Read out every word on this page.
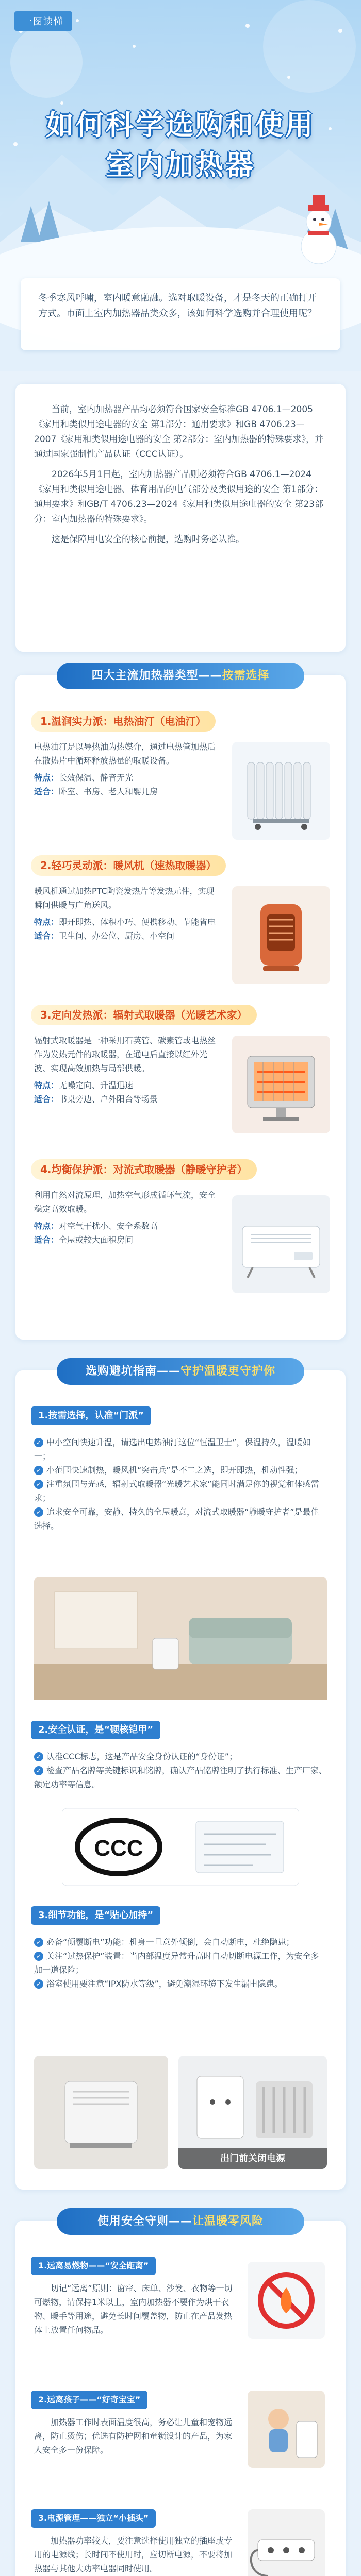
一图读懂
如何科学选购和使用
室内加热器

冬季寒风呼啸，室内暖意融融。选对取暖设备，才是冬天的正确打开方式。市面上室内加热器品类众多，该如何科学选购并合理使用呢？

当前，室内加热器产品均必须符合国家安全标准GB 4706.1—2005《家用和类似用途电器的安全 第1部分：通用要求》和GB 4706.23—2007《家用和类似用途电器的安全 第2部分：室内加热器的特殊要求》，并通过国家强制性产品认证（CCC认证）。

2026年5月1日起，室内加热器产品则必须符合GB 4706.1—2024《家用和类似用途电器、体育用品的电气部分及类似用途的安全 第1部分：通用要求》和GB/T 4706.23—2024《家用和类似用途电器的安全 第23部分：室内加热器的特殊要求》。

这是保障用电安全的核心前提，选购时务必认准。

四大主流加热器类型——按需选择
1.温润实力派：电热油汀（电油汀）
电热油汀是以导热油为热媒介，通过电热管加热后在散热片中循环释放热量的取暖设备。
特点：长效保温、静音无光
适合：卧室、书房、老人和婴儿房
2.轻巧灵动派：暖风机（速热取暖器）
暖风机通过加热PTC陶瓷发热片等发热元件，实现瞬间供暖与广角送风。
特点：即开即热、体积小巧、便携移动、节能省电
适合：卫生间、办公位、厨房、小空间
3.定向发热派：辐射式取暖器（光暖艺术家）
辐射式取暖器是一种采用石英管、碳素管或电热丝作为发热元件的取暖器，在通电后直接以红外光波、实现高效加热与局部供暖。
特点：无噪定向、升温迅速
适合：书桌旁边、户外阳台等场景
4.均衡保护派：对流式取暖器（静暖守护者）
利用自然对流原理，加热空气形成循环气流，安全稳定高效取暖。
特点：对空气干扰小、安全系数高
适合：全屋或较大面积房间
选购避坑指南——守护温暖更守护你
1.按需选择，认准“门派”
✓ 中小空间快速升温，请选出电热油汀这位“恒温卫士”，保温持久，温暖如一；
✓ 小范围快速制热，暖风机“突击兵”是不二之选，即开即热，机动性强；
✓ 注重氛围与光感，辐射式取暖器“光暖艺术家”能同时满足你的视觉和体感需求；
✓ 追求安全可靠，安静、持久的全屋暖意，对流式取暖器“静暖守护者”是最佳选择。
2.安全认证，是“硬核铠甲”
✓ 认准CCC标志，这是产品安全身份认证的“身份证”；
✓ 检查产品名牌等关键标识和铭牌，确认产品铭牌注明了执行标准、生产厂家、额定功率等信息。
CCC
3.细节功能，是“贴心加持”
✓ 必备“倾覆断电”功能：机身一旦意外倾倒，会自动断电，杜绝隐患；
✓ 关注“过热保护”装置：当内部温度异常升高时自动切断电源工作，为安全多加一道保险；
✓ 浴室使用要注意“IPX防水等级”，避免潮湿环境下发生漏电隐患。
出门前关闭电源
使用安全守则——让温暖零风险
1.远离易燃物——“安全距离”
切记“远离”原则：窗帘、床单、沙发、衣物等一切可燃物，请保持1米以上，室内加热器不要作为烘干衣物、暖手等用途，避免长时间覆盖物，防止在产品发热体上放置任何物品。
2.远离孩子——“好奇宝宝”
加热器工作时表面温度很高，务必让儿童和宠物远离，防止烫伤；优选有防护网和童锁设计的产品，为家人安全多一份保障。
3.电源管理——独立“小插头”
加热器功率较大，要注意选择使用独立的插座或专用的电源线；长时间不使用时，应切断电源，不要将加热器与其他大功率电器同时使用。
